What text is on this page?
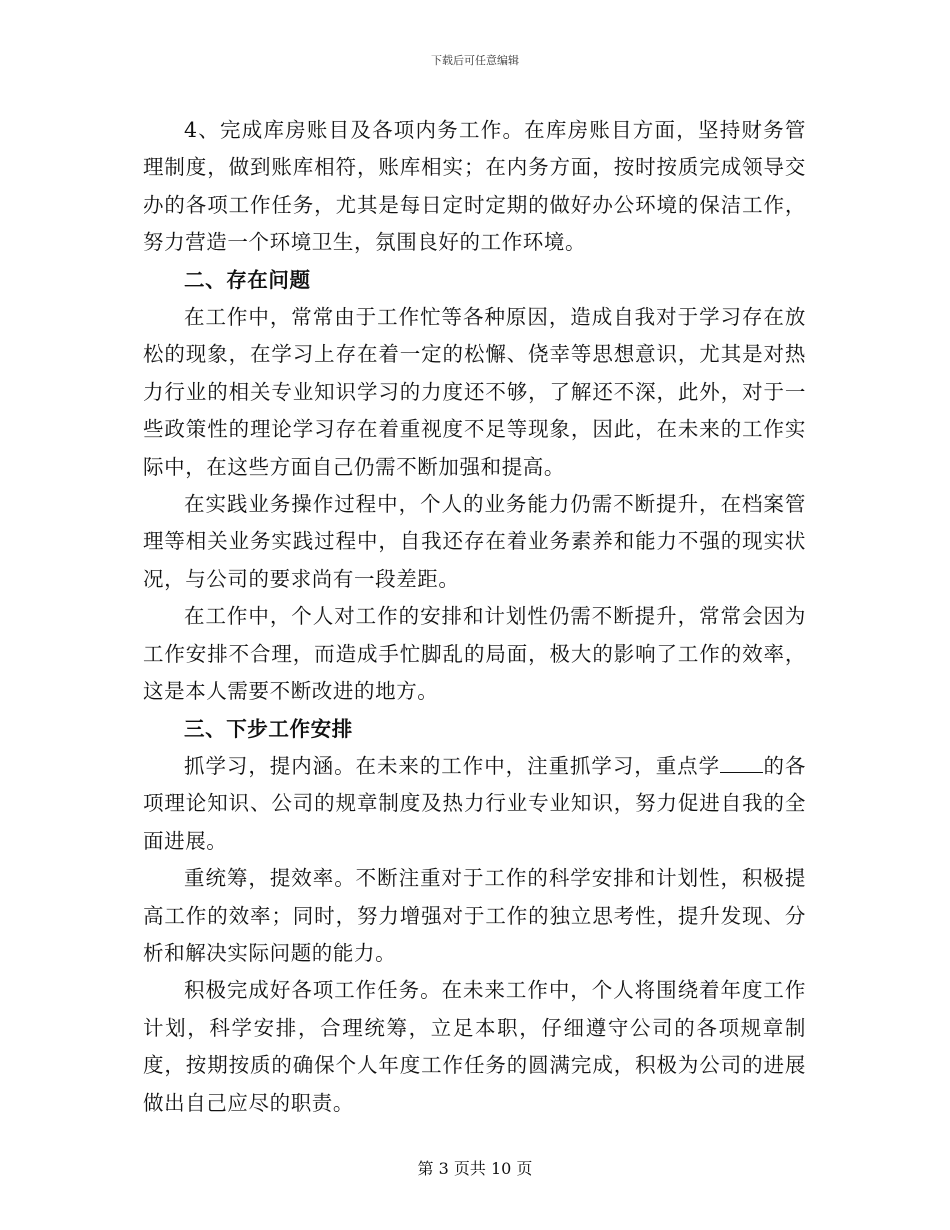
下载后可任意编辑

4、完成库房账目及各项内务工作。在库房账目方面，坚持财务管理制度，做到账库相符，账库相实；在内务方面，按时按质完成领导交办的各项工作任务，尤其是每日定时定期的做好办公环境的保洁工作，努力营造一个环境卫生，氛围良好的工作环境。

二、存在问题

在工作中，常常由于工作忙等各种原因，造成自我对于学习存在放松的现象，在学习上存在着一定的松懈、侥幸等思想意识，尤其是对热力行业的相关专业知识学习的力度还不够，了解还不深，此外，对于一些政策性的理论学习存在着重视度不足等现象，因此，在未来的工作实际中，在这些方面自己仍需不断加强和提高。

在实践业务操作过程中，个人的业务能力仍需不断提升，在档案管理等相关业务实践过程中，自我还存在着业务素养和能力不强的现实状况，与公司的要求尚有一段差距。

在工作中，个人对工作的安排和计划性仍需不断提升，常常会因为工作安排不合理，而造成手忙脚乱的局面，极大的影响了工作的效率，这是本人需要不断改进的地方。

三、下步工作安排

抓学习，提内涵。在未来的工作中，注重抓学习，重点学 的各项理论知识、公司的规章制度及热力行业专业知识，努力促进自我的全面进展。

重统筹，提效率。不断注重对于工作的科学安排和计划性，积极提高工作的效率；同时，努力增强对于工作的独立思考性，提升发现、分析和解决实际问题的能力。

积极完成好各项工作任务。在未来工作中，个人将围绕着年度工作计划，科学安排，合理统筹，立足本职，仔细遵守公司的各项规章制度，按期按质的确保个人年度工作任务的圆满完成，积极为公司的进展做出自己应尽的职责。

第 3 页共 10 页
